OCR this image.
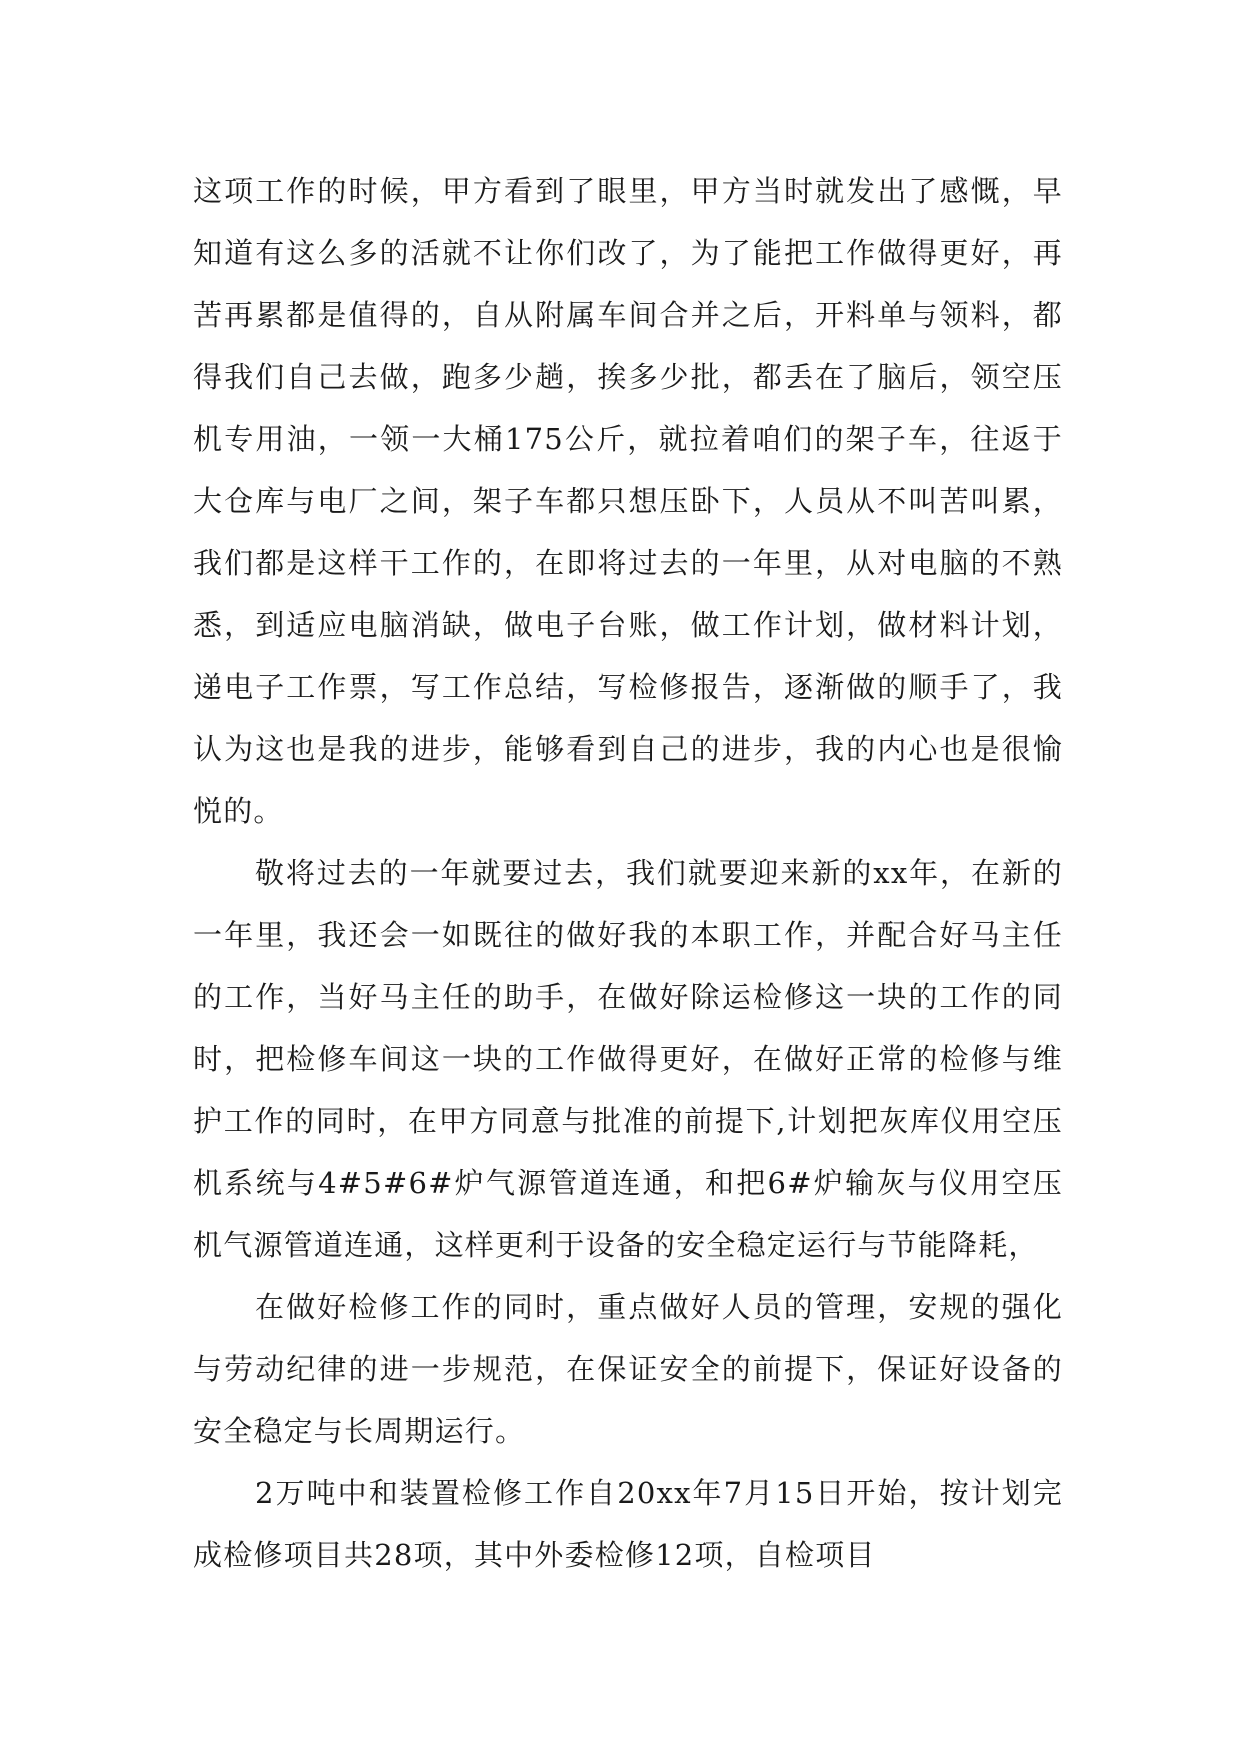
这项工作的时候，甲方看到了眼里，甲方当时就发出了感慨，早知道有这么多的活就不让你们改了，为了能把工作做得更好，再苦再累都是值得的，自从附属车间合并之后，开料单与领料，都得我们自己去做，跑多少趟，挨多少批，都丢在了脑后，领空压机专用油，一领一大桶175公斤，就拉着咱们的架子车，往返于大仓库与电厂之间，架子车都只想压卧下，人员从不叫苦叫累，我们都是这样干工作的，在即将过去的一年里，从对电脑的不熟悉，到适应电脑消缺，做电子台账，做工作计划，做材料计划，递电子工作票，写工作总结，写检修报告，逐渐做的顺手了，我认为这也是我的进步，能够看到自己的进步，我的内心也是很愉悦的。

敬将过去的一年就要过去，我们就要迎来新的xx年，在新的一年里，我还会一如既往的做好我的本职工作，并配合好马主任的工作，当好马主任的助手，在做好除运检修这一块的工作的同时，把检修车间这一块的工作做得更好，在做好正常的检修与维护工作的同时，在甲方同意与批准的前提下,计划把灰库仪用空压机系统与4#5#6#炉气源管道连通，和把6#炉输灰与仪用空压机气源管道连通，这样更利于设备的安全稳定运行与节能降耗，

在做好检修工作的同时，重点做好人员的管理，安规的强化与劳动纪律的进一步规范，在保证安全的前提下，保证好设备的安全稳定与长周期运行。

2万吨中和装置检修工作自20xx年7月15日开始，按计划完成检修项目共28项，其中外委检修12项，自检项目
